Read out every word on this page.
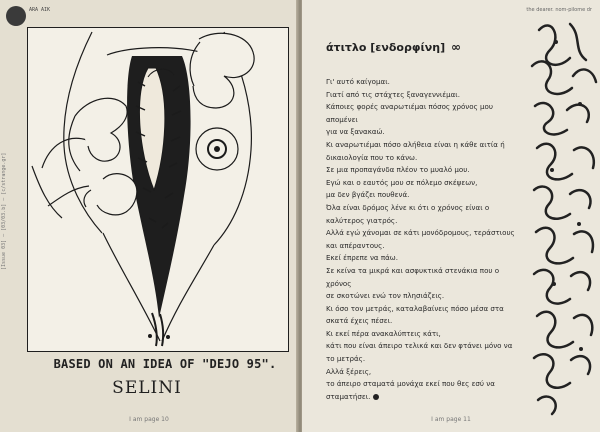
ARA AIK
[Issue 03] — [03/03.b] — [c/strange.gr]
BASED ON AN IDEA OF "DEJO 95".
SELINI
I am page 10
the dearer. nom-pilome dr
άτιτλο [ενδορφίνη] ∞
Γι' αυτό καίγομαι.
Γιατί από τις στάχτες ξαναγεννιέμαι.
Κάποιες φορές αναρωτιέμαι πόσος χρόνος μου
απομένει
για να ξανακαώ.
Κι αναρωτιέμαι πόσο αλήθεια είναι η κάθε αιτία ή
δικαιολογία που το κάνω.
Σε μια προπαγάνδα πλέον το μυαλό μου.
Εγώ και ο εαυτός μου σε πόλεμο σκέψεων,
μα δεν βγάζει πουθενά.
Όλα είναι δρόμος λένε κι ότι ο χρόνος είναι ο
καλύτερος γιατρός.
Αλλά εγώ χάνομαι σε κάτι μονόδρομους, τεράστιους
και απέραντους.
Εκεί έπρεπε να πάω.
Σε κείνα τα μικρά και ασφυκτικά στενάκια που ο
χρόνος
σε σκοτώνει ενώ τον πλησιάζεις.
Κι όσο τον μετράς, καταλαβαίνεις πόσο μέσα στα
σκατά έχεις πέσει.
Κι εκεί πέρα ανακαλύπτεις κάτι,
κάτι που είναι άπειρο τελικά και δεν φτάνει μόνο να
το μετράς.
Αλλά ξέρεις,
το άπειρο σταματά μονάχα εκεί που θες εσύ να
σταματήσει.
I am page 11
